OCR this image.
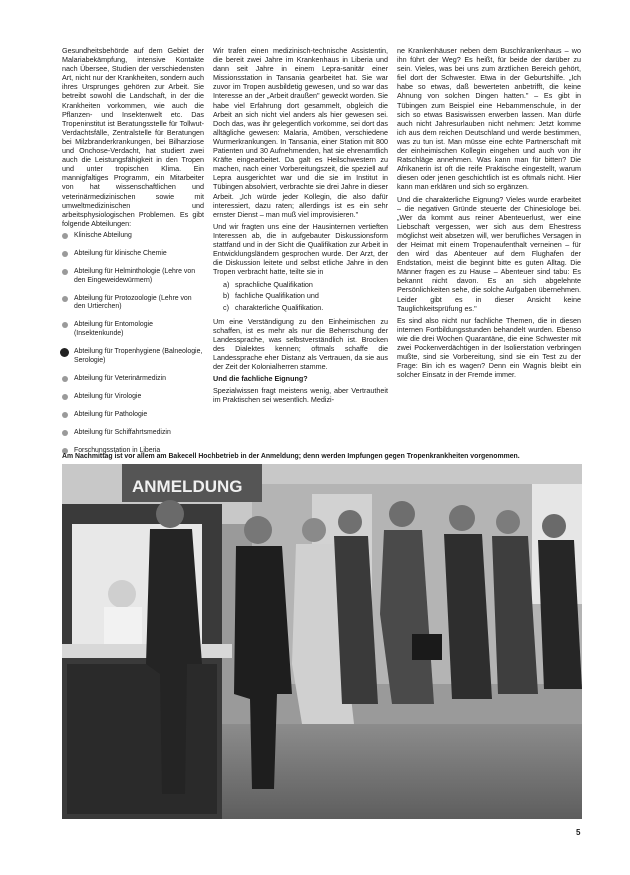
Gesundheitsbehörde auf dem Gebiet der Malariabekämpfung, intensive Kontakte nach Übersee, Studien der verschiedensten Art, nicht nur der Krankheiten, sondern auch ihres Ursprunges gehören zur Arbeit. Sie betreibt sowohl die Landschaft, in der die Krankheiten vorkommen, wie auch die Pflanzen- und Insektenwelt etc. Das Tropeninstitut ist Beratungsstelle für Tollwut-Verdachtsfälle, Zentralstelle für Beratungen bei Milzbranderkrankungen, bei Bilharziose und Onchose-Verdacht, hat studiert zwei auch die Leistungsfähigkeit in den Tropen und unter tropischen Klima. Ein mannigfaltiges Programm, ein Mitarbeiter von hat wissenschaftlichen und veterinärmedizinischen sowie mit umweltmedizinischen und arbeitsphysiologischen Problemen. Es gibt folgende Abteilungen:

Klinische Abteilung
Abteilung für klinische Chemie
Abteilung für Helminthologie (Lehre von den Eingeweidewürmern)
Abteilung für Protozoologie (Lehre von den Urtierchen)
Abteilung für Entomologie (Insektenkunde)
Abteilung für Tropenhygiene (Balneologie, Serologie)
Abteilung für Veterinärmedizin
Abteilung für Virologie
Abteilung für Pathologie
Abteilung für Schiffahrtsmedizin
Forschungsstation in Liberia

Wir trafen einen medizinisch-technische Assistentin, die bereit zwei Jahre im Krankenhaus in Liberia und dann seit Jahre in einem Lepra-sanitär einer Missionsstation in Tansania gearbeitet hat. Sie war zuvor im Tropen ausbildetig gewesen, und so war das Interesse an der „Arbeit draußen" geweckt worden. Sie habe viel Erfahrung dort gesammelt, obgleich die Arbeit an sich nicht viel anders als hier gewesen sei. Doch das, was ihr gelegentlich vorkomme, sei dort das alltägliche gewesen: Malaria, Amöben, verschiedene Wurmerkrankungen. In Tansania, einer Station mit 800 Patienten und 30 Aufnehmenden, hat sie ehrenamtlich Kräfte eingearbeitet. Da galt es Heilschwestern zu machen, nach einer Vorbereitungszeit, die speziell auf Lepra ausgerichtet war und die sie im Institut in Tübingen absolviert, verbrachte sie drei Jahre in dieser Arbeit. „Ich würde jeder Kollegin, die also dafür interessiert, dazu raten; allerdings ist es ein sehr ernster Dienst – man muß viel improvisieren."

Und wir fragten uns eine der Hausinternen vertieften Interessen ab, die in aufgebauter Diskussionsform stattfand und in der Sicht die Qualifikation zur Arbeit in Entwicklungsländern gesprochen wurde. Der Arzt, der die Diskussion leitete und selbst etliche Jahre in den Tropen verbracht hatte, teilte sie in

a) sprachliche Qualifikation
b) fachliche Qualifikation und
c) charakterliche Qualifikation.

Um eine Verständigung zu den Einheimischen zu schaffen, ist es mehr als nur die Beherrschung der Landessprache, was selbstverständlich ist. Brocken des Dialektes kennen; oftmals schaffe die Landessprache eher Distanz als Vertrauen, da sie aus der Zeit der Kolonialherren stamme.

Und die fachliche Eignung?

Spezialwissen fragt meistens wenig, aber Vertrautheit im Praktischen sei wesentlich. Medizi-

ne Krankenhäuser neben dem Buschkrankenhaus – wo ihn führt der Weg? Es heißt, für beide der darüber zu sein. Vieles, was bei uns zum ärztlichen Bereich gehört, fiel dort der Schwester. Etwa in der Geburtshilfe. „Ich habe so etwas, daß bewerteten anbetrifft, die keine Ahnung von solchen Dingen hatten." – Es gibt in Tübingen zum Beispiel eine Hebammenschule, in der sich so etwas Basiswissen erwerben lassen. Man dürfe auch nicht Jahresurlauben nicht nehmen: Jetzt komme ich aus dem reichen Deutschland und werde bestimmen, was zu tun ist. Man müsse eine echte Partnerschaft mit der einheimischen Kollegin eingehen und auch von ihr Ratschläge annehmen. Was kann man für bitten? Die Afrikanerin ist oft die reife Praktische eingestellt, warum diesen oder jenen geschichtlich ist es oftmals nicht. Hier kann man erklären und sich so ergänzen.

Und die charakterliche Eignung? Vieles wurde erarbeitet – die negativen Gründe steuerte der Chinesiologe bei. „Wer da kommt aus reiner Abenteuerlust, wer eine Liebschaft vergessen, wer sich aus dem Ehestress möglichst weit absetzen will, wer berufliches Versagen in der Heimat mit einem Tropenaufenthalt verneinen – für den wird das Abenteuer auf dem Flughafen der Endstation, meist die beginnt bitte es guten Alltag. Die Männer fragen es zu Hause – Abenteuer sind tabu: Es bekannt nicht davon. Es an sich abgelehnte Persönlichkeiten sehe, die solche Aufgaben übernehmen. Leider gibt es in dieser Ansicht keine Tauglichkeitsprüfung es."

Es sind also nicht nur fachliche Themen, die in diesen internen Fortbildungsstunden behandelt wurden. Ebenso wie die drei Wochen Quarantäne, die eine Schwester mit zwei Pockenverdächtigen in der Isolierstation verbringen mußte, sind sie Vorbereitung, sind sie ein Test zu der Frage: Bin ich es wagen? Denn ein Wagnis bleibt ein solcher Einsatz in der Fremde immer.

Am Nachmittag ist vor allem am Bakecell Hochbetrieb in der Anmeldung; denn werden Impfungen gegen Tropenkrankheiten vorgenommen.
ANMELDUNG
5
